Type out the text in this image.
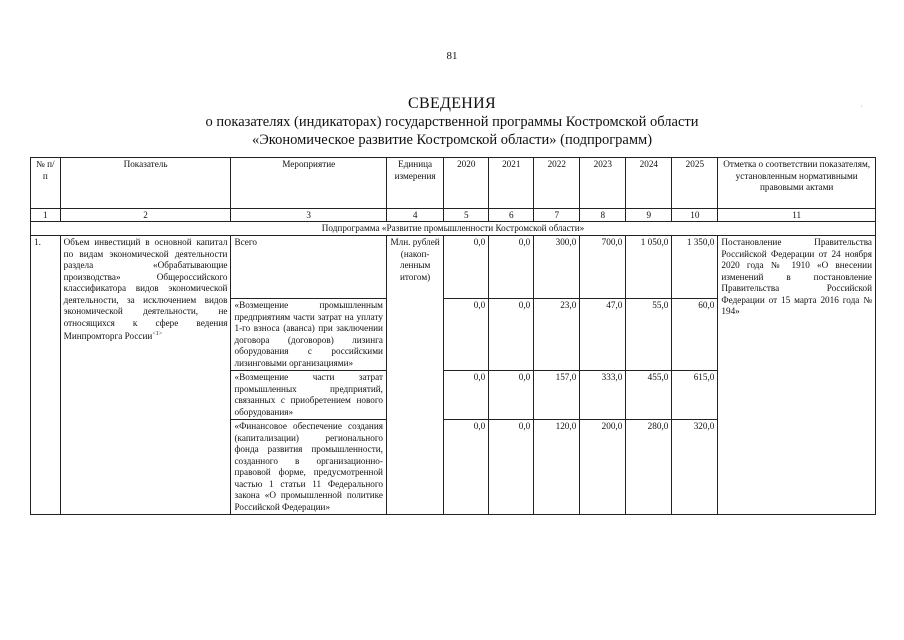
81
·
СВЕДЕНИЯ
о показателях (индикаторах) государственной программы Костромской области
«Экономическое развитие Костромской области» (подпрограмм)
№ п/п	Показатель	Мероприятие	Единица измерения	2020	2021	2022	2023	2024	2025	Отметка о соответствии показателям, установленным нормативными правовыми актами
1	2	3	4	5	6	7	8	9	10	11
Подпрограмма «Развитие промышленности Костромской области»										
1.	Объем инвестиций в основной капитал по видам экономической деятельности раздела «Обрабатывающие производства» Общероссийского классификатора видов экономической деятельности, за исключением видов экономической деятельности, не относящихся к сфере ведения Минпромторга России$^{<1>}$	Всего	Млн. рублей (накопленным итогом)	0,0	0,0	300,0	700,0	1 050,0	1 350,0	Постановление Правительства Российской Федерации от 24 ноября 2020 года № 1910 «О внесении изменений в постановление Правительства Российской Федерации от 15 марта 2016 года № 194»
		«Возмещение промышленным предприятиям части затрат на уплату 1-го взноса (аванса) при заключении договора (договоров) лизинга оборудования с российскими лизинговыми организациями»		0,0	0,0	23,0	47,0	55,0	60,0	
		«Возмещение части затрат промышленных предприятий, связанных с приобретением нового оборудования»		0,0	0,0	157,0	333,0	455,0	615,0	
		«Финансовое обеспечение создания (капитализации) регионального фонда развития промышленности, созданного в организационно-правовой форме, предусмотренной частью 1 статьи 11 Федерального закона «О промышленной политике Российской Федерации»		0,0	0,0	120,0	200,0	280,0	320,0	
